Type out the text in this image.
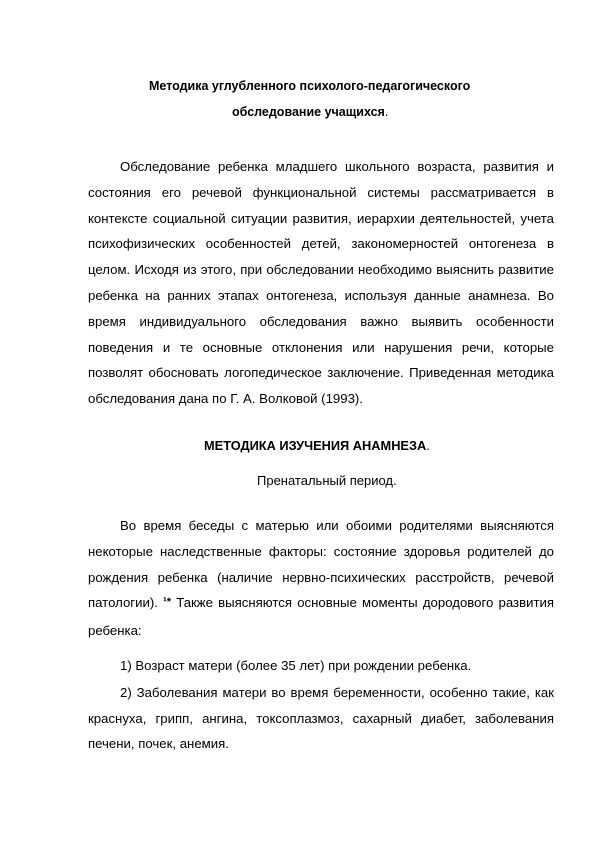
Методика углубленного психолого-педагогического
обследование учащихся.

Обследование ребенка младшего школьного возраста, развития и состояния его речевой функциональной системы рассматривается в контексте социальной ситуации развития, иерархии деятельностей, учета психофизических особенностей детей, закономерностей онтогенеза в целом. Исходя из этого, при обследовании необходимо выяснить развитие ребенка на ранних этапах онтогенеза, используя данные анамнеза. Во время индивидуального обследования важно выявить особенности поведения и те основные отклонения или нарушения речи, которые позволят обосновать логопедическое заключение. Приведенная методика обследования дана по Г. А. Волковой (1993).

МЕТОДИКА ИЗУЧЕНИЯ АНАМНЕЗА.
Пренатальный период.

Во время беседы с матерью или обоими родителями выясняются некоторые наследственные факторы: состояние здоровья родителей до рождения ребенка (наличие нервно-психических расстройств, речевой патологии). ¹* Также выясняются основные моменты дородового развития ребенка:

1) Возраст матери (более 35 лет) при рождении ребенка.

2) Заболевания матери во время беременности, особенно такие, как краснуха, грипп, ангина, токсоплазмоз, сахарный диабет, заболевания печени, почек, анемия.
